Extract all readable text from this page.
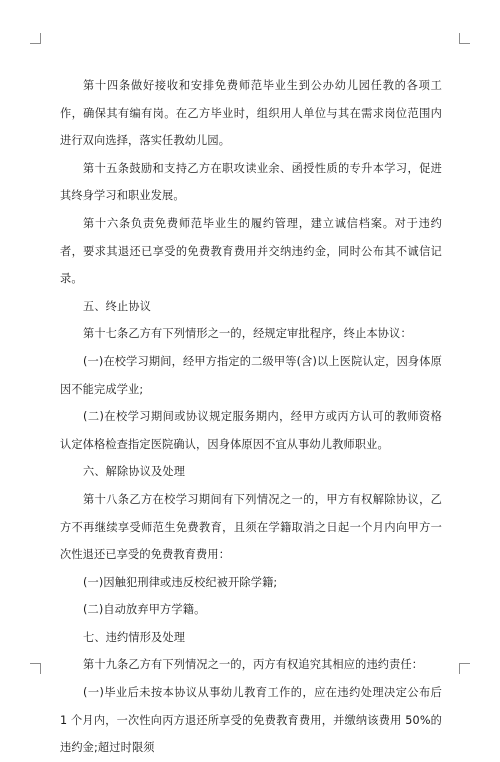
第十四条做好接收和安排免费师范毕业生到公办幼儿园任教的各项工作，确保其有编有岗。在乙方毕业时，组织用人单位与其在需求岗位范围内进行双向选择，落实任教幼儿园。

第十五条鼓励和支持乙方在职攻读业余、函授性质的专升本学习，促进其终身学习和职业发展。

第十六条负责免费师范毕业生的履约管理，建立诚信档案。对于违约者，要求其退还已享受的免费教育费用并交纳违约金，同时公布其不诚信记录。

五、终止协议

第十七条乙方有下列情形之一的，经规定审批程序，终止本协议：

(一)在校学习期间，经甲方指定的二级甲等(含)以上医院认定，因身体原因不能完成学业;

(二)在校学习期间或协议规定服务期内，经甲方或丙方认可的教师资格认定体格检查指定医院确认，因身体原因不宜从事幼儿教师职业。

六、解除协议及处理

第十八条乙方在校学习期间有下列情况之一的，甲方有权解除协议，乙方不再继续享受师范生免费教育，且须在学籍取消之日起一个月内向甲方一次性退还已享受的免费教育费用：

(一)因触犯刑律或违反校纪被开除学籍;

(二)自动放弃甲方学籍。

七、违约情形及处理

第十九条乙方有下列情况之一的，丙方有权追究其相应的违约责任：

(一)毕业后未按本协议从事幼儿教育工作的，应在违约处理决定公布后 1 个月内，一次性向丙方退还所享受的免费教育费用，并缴纳该费用 50%的违约金;超过时限须
